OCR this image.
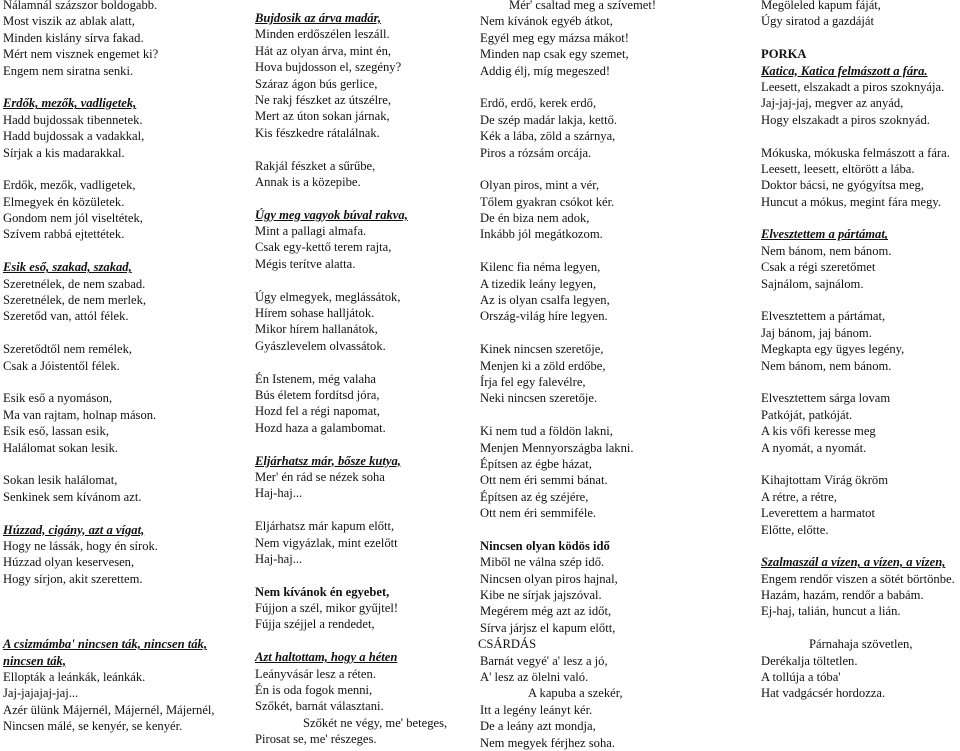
Nálamnál százszor boldogabb.
Most viszik az ablak alatt,
Minden kislány sírva fakad.
Mért nem visznek engemet ki?
Engem nem siratna senki.
Erdők, mezők, vadligetek,
Hadd bujdossak tibennetek.
Hadd bujdossak a vadakkal,
Sírjak a kis madarakkal.
Erdők, mezők, vadligetek,
Elmegyek én közületek.
Gondom nem jól viseltétek,
Szívem rabbá ejtettétek.
Esik eső, szakad, szakad,
Szeretnélek, de nem szabad.
Szeretnélek, de nem merlek,
Szeretőd van, attól félek.
Szeretődtől nem remélek,
Csak a Jóistentől félek.
Esik eső a nyomáson,
Ma van rajtam, holnap máson.
Esik eső, lassan esik,
Halálomat sokan lesik.
Sokan lesik halálomat,
Senkinek sem kívánom azt.
Húzzad, cigány, azt a vígat,
Hogy ne lássák, hogy én sírok.
Húzzad olyan keservesen,
Hogy sírjon, akit szerettem.
A csizmámba' nincsen ták, nincsen ták,
nincsen ták,
Ellopták a leánkák, leánkák.
Jaj-jajajaj-jaj...
Azér ülünk Májernél, Májernél, Májernél,
Nincsen málé, se kenyér, se kenyér.
Bujdosik az árva madár,
Minden erdőszélen leszáll.
Hát az olyan árva, mint én,
Hova bujdosson el, szegény?
Száraz ágon bús gerlice,
Ne rakj fészket az útszélre,
Mert az úton sokan járnak,
Kis fészkedre rátalálnak.
Rakjál fészket a sűrűbe,
Annak is a közepibe.
Úgy meg vagyok búval rakva,
Mint a pallagi almafa.
Csak egy-kettő terem rajta,
Mégis terítve alatta.
Úgy elmegyek, meglássátok,
Hírem sohase halljátok.
Mikor hírem hallanátok,
Gyászlevelem olvassátok.
Én Istenem, még valaha
Bús életem fordítsd jóra,
Hozd fel a régi napomat,
Hozd haza a galambomat.
Eljárhatsz már, bősze kutya,
Mer' én rád se nézek soha
Haj-haj...
Eljárhatsz már kapum előtt,
Nem vigyázlak, mint ezelőtt
Haj-haj...
Nem kívánok én egyebet,
Fújjon a szél, mikor gyűjtel!
Fújja széjjel a rendedet,
Azt haltottam, hogy a héten
Leányvásár lesz a réten.
Én is oda fogok menni,
Szőkét, barnát választani.
Szőkét ne végy, me' beteges,
Pirosat se, me' részeges.
Mér' csaltad meg a szívemet!
Nem kívánok egyéb átkot,
Egyél meg egy mázsa mákot!
Minden nap csak egy szemet,
Addig élj, míg megeszed!
Erdő, erdő, kerek erdő,
De szép madár lakja, kettő.
Kék a lába, zöld a szárnya,
Piros a rózsám orcája.
Olyan piros, mint a vér,
Tőlem gyakran csókot kér.
De én biza nem adok,
Inkább jól megátkozom.
Kilenc fia néma legyen,
A tizedik leány legyen,
Az is olyan csalfa legyen,
Ország-világ híre legyen.
Kinek nincsen szeretője,
Menjen ki a zöld erdőbe,
Írja fel egy falevélre,
Neki nincsen szeretője.
Ki nem tud a földön lakni,
Menjen Mennyországba lakni.
Építsen az égbe házat,
Ott nem éri semmi bánat.
Építsen az ég széjére,
Ott nem éri semmiféle.
Nincsen olyan ködös idő
Miből ne válna szép idő.
Nincsen olyan piros hajnal,
Kibe ne sírjak jajszóval.
Megérem még azt az időt,
Sírva járjsz el kapum előtt,
CSÁRDÁS
Barnát vegyé' a' lesz a jó,
A' lesz az ölelni való.
A kapuba a szekér,
Itt a legény leányt kér.
De a leány azt mondja,
Nem megyek férjhez soha.
Megöleled kapum fáját,
Úgy siratod a gazdáját
PORKA
Katica, Katica felmászott a fára.
Leesett, elszakadt a piros szoknyája.
Jaj-jaj-jaj, megver az anyád,
Hogy elszakadt a piros szoknyád.
Mókuska, mókuska felmászott a fára.
Leesett, leesett, eltörött a lába.
Doktor bácsi, ne gyógyítsa meg,
Huncut a mókus, megint fára megy.
Elvesztettem a pártámat,
Nem bánom, nem bánom.
Csak a régi szeretőmet
Sajnálom, sajnálom.
Elvesztettem a pártámat,
Jaj bánom, jaj bánom.
Megkapta egy ügyes legény,
Nem bánom, nem bánom.
Elvesztettem sárga lovam
Patkóját, patkóját.
A kis vőfi keresse meg
A nyomát, a nyomát.
Kihajtottam Virág ökröm
A rétre, a rétre,
Leverettem a harmatot
Előtte, előtte.
Szalmaszál a vízen, a vízen, a vízen,
Engem rendőr viszen a sötét börtönbe.
Hazám, hazám, rendőr a babám.
Ej-haj, talián, huncut a lián.
Párnahaja szövetlen,
Derékalja töltetlen.
A tollúja a tóba'
Hat vadgácsér hordozza.
